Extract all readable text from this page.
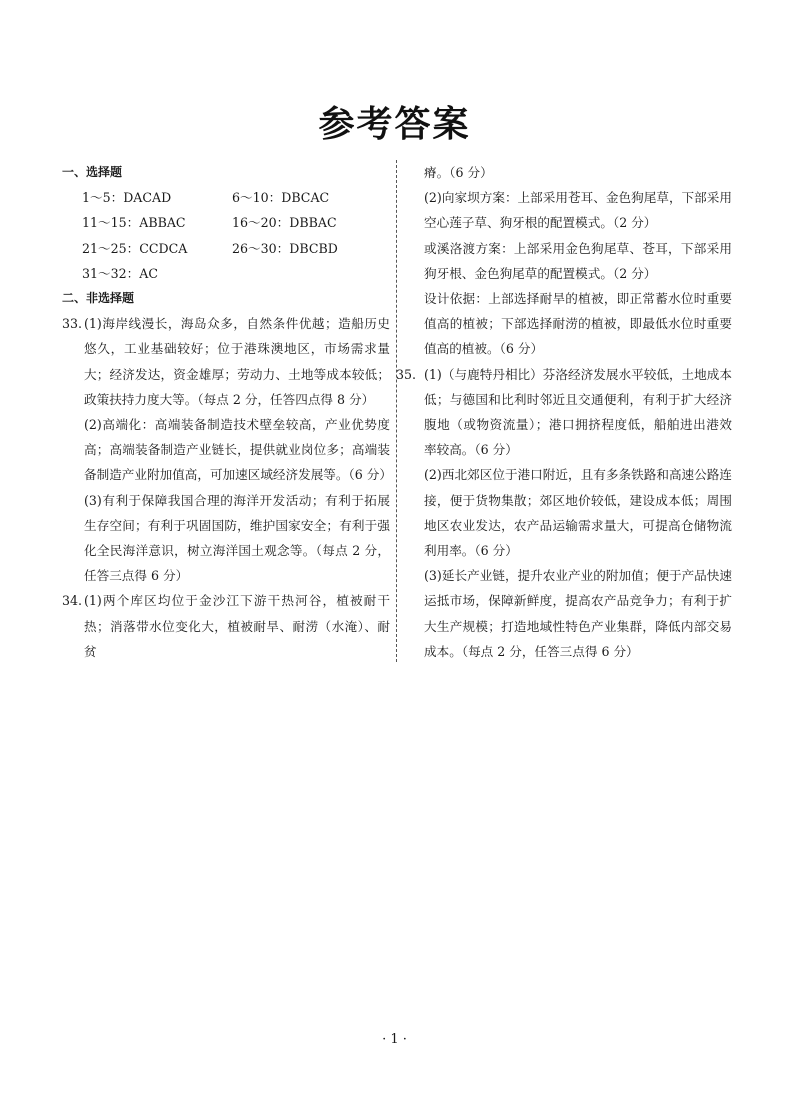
参考答案
一、选择题
1～5：DACAD	6～10：DBCAC
11～15：ABBAC	16～20：DBBAC
21～25：CCDCA	26～30：DBCBD
31～32：AC
二、非选择题
33. (1)海岸线漫长，海岛众多，自然条件优越；造船历史悠久，工业基础较好；位于港珠澳地区，市场需求量大；经济发达，资金雄厚；劳动力、土地等成本较低；政策扶持力度大等。（每点 2 分，任答四点得 8 分）
(2)高端化：高端装备制造技术壁垒较高，产业优势度高；高端装备制造产业链长，提供就业岗位多；高端装备制造产业附加值高，可加速区域经济发展等。（6 分）
(3)有利于保障我国合理的海洋开发活动；有利于拓展生存空间；有利于巩固国防，维护国家安全；有利于强化全民海洋意识，树立海洋国土观念等。（每点 2 分，任答三点得 6 分）
34. (1)两个库区均位于金沙江下游干热河谷，植被耐干热；消落带水位变化大，植被耐旱、耐涝（水淹）、耐贫
瘠。（6 分）
(2)向家坝方案：上部采用苍耳、金色狗尾草，下部采用空心莲子草、狗牙根的配置模式。（2 分）
或溪洛渡方案：上部采用金色狗尾草、苍耳，下部采用狗牙根、金色狗尾草的配置模式。（2 分）
设计依据：上部选择耐旱的植被，即正常蓄水位时重要值高的植被；下部选择耐涝的植被，即最低水位时重要值高的植被。（6 分）
35. (1)（与鹿特丹相比）芬洛经济发展水平较低，土地成本低；与德国和比利时邻近且交通便利，有利于扩大经济腹地（或物资流量）；港口拥挤程度低，船舶进出港效率较高。（6 分）
(2)西北郊区位于港口附近，且有多条铁路和高速公路连接，便于货物集散；郊区地价较低，建设成本低；周围地区农业发达，农产品运输需求量大，可提高仓储物流利用率。（6 分）
(3)延长产业链，提升农业产业的附加值；便于产品快速运抵市场，保障新鲜度，提高农产品竞争力；有利于扩大生产规模；打造地域性特色产业集群，降低内部交易成本。（每点 2 分，任答三点得 6 分）
· 1 ·
